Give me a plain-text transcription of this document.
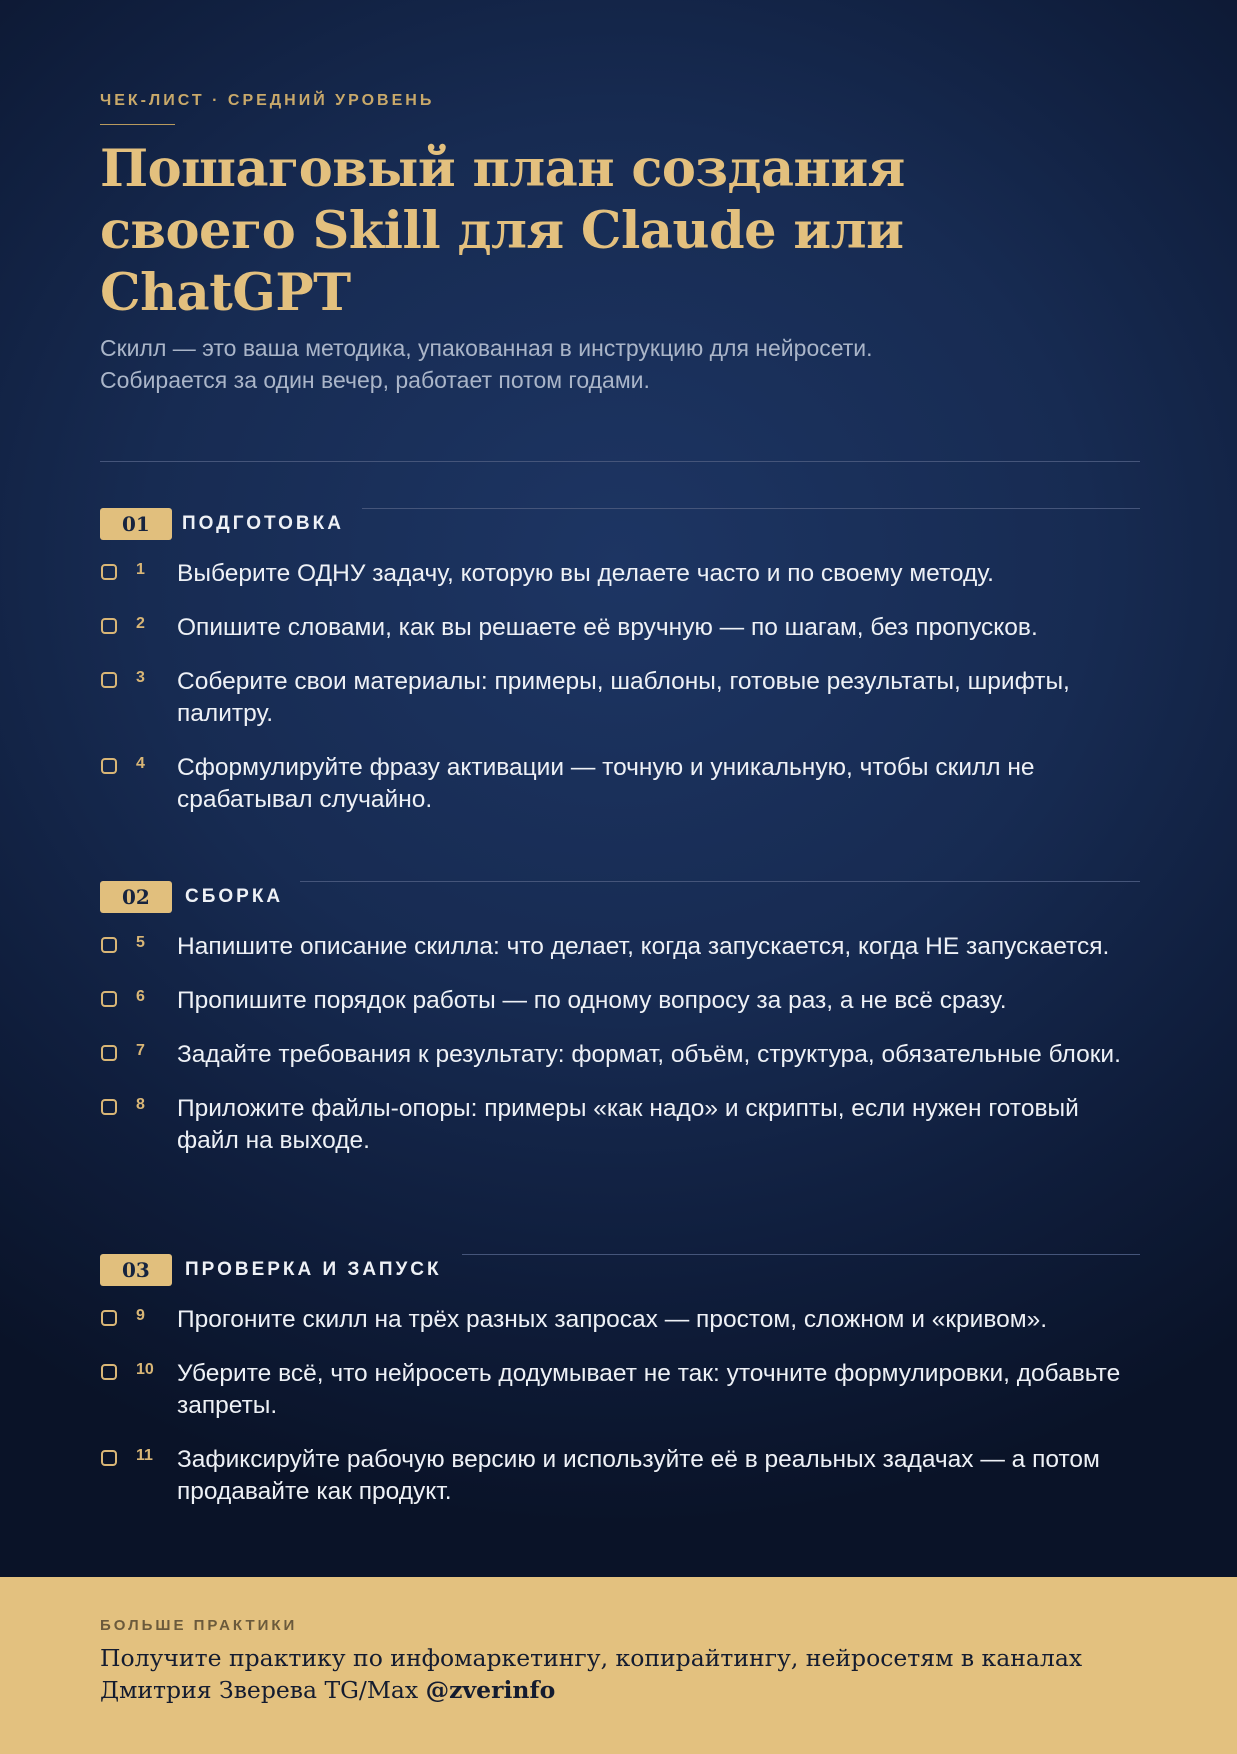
ЧЕК-ЛИСТ · СРЕДНИЙ УРОВЕНЬ
Пошаговый план создания
своего Skill для Claude или ChatGPT
Скилл — это ваша методика, упакованная в инструкцию для нейросети.
Собирается за один вечер, работает потом годами.
01	ПОДГОТОВКА
1 Выберите ОДНУ задачу, которую вы делаете часто и по своему методу.
2 Опишите словами, как вы решаете её вручную — по шагам, без пропусков.
3 Соберите свои материалы: примеры, шаблоны, готовые результаты, шрифты, палитру.
4 Сформулируйте фразу активации — точную и уникальную, чтобы скилл не срабатывал случайно.
02	СБОРКА
5 Напишите описание скилла: что делает, когда запускается, когда НЕ запускается.
6 Пропишите порядок работы — по одному вопросу за раз, а не всё сразу.
7 Задайте требования к результату: формат, объём, структура, обязательные блоки.
8 Приложите файлы-опоры: примеры «как надо» и скрипты, если нужен готовый файл на выходе.
03	ПРОВЕРКА И ЗАПУСК
9 Прогоните скилл на трёх разных запросах — простом, сложном и «кривом».
10 Уберите всё, что нейросеть додумывает не так: уточните формулировки, добавьте запреты.
11 Зафиксируйте рабочую версию и используйте её в реальных задачах — а потом продавайте как продукт.
БОЛЬШЕ ПРАКТИКИ
Получите практику по инфомаркетингу, копирайтингу, нейросетям в каналах
Дмитрия Зверева TG/Max @zverinfo
